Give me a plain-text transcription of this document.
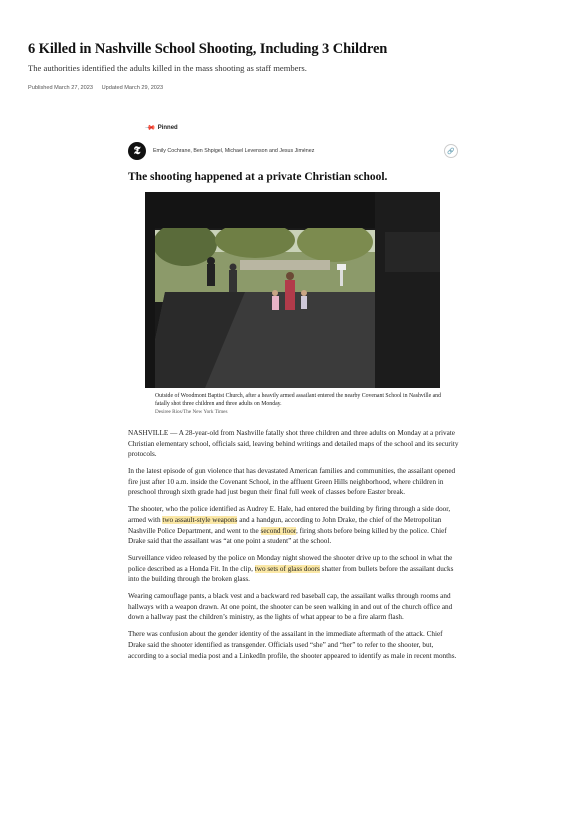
6 Killed in Nashville School Shooting, Including 3 Children
The authorities identified the adults killed in the mass shooting as staff members.
Published March 27, 2023 Updated March 29, 2023
📌 Pinned
𝕿	Emily Cochrane, Ben Shpigel, Michael Levenson and Jesus Jiménez	🔗
The shooting happened at a private Christian school.
Outside of Woodmont Baptist Church, after a heavily armed assailant entered the nearby Covenant School in Nashville and fatally shot three children and three adults on Monday.
Desiree Rios/The New York Times

NASHVILLE — A 28-year-old from Nashville fatally shot three children and three adults on Monday at a private Christian elementary school, officials said, leaving behind writings and detailed maps of the school and its security protocols.

In the latest episode of gun violence that has devastated American families and communities, the assailant opened fire just after 10 a.m. inside the Covenant School, in the affluent Green Hills neighborhood, where children in preschool through sixth grade had just begun their final full week of classes before Easter break.

The shooter, who the police identified as Audrey E. Hale, had entered the building by firing through a side door, armed with two assault-style weapons and a handgun, according to John Drake, the chief of the Metropolitan Nashville Police Department, and went to the second floor, firing shots before being killed by the police. Chief Drake said that the assailant was “at one point a student” at the school.

Surveillance video released by the police on Monday night showed the shooter drive up to the school in what the police described as a Honda Fit. In the clip, two sets of glass doors shatter from bullets before the assailant ducks into the building through the broken glass.

Wearing camouflage pants, a black vest and a backward red baseball cap, the assailant walks through rooms and hallways with a weapon drawn. At one point, the shooter can be seen walking in and out of the church office and down a hallway past the children’s ministry, as the lights of what appear to be a fire alarm flash.

There was confusion about the gender identity of the assailant in the immediate aftermath of the attack. Chief Drake said the shooter identified as transgender. Officials used “she” and “her” to refer to the shooter, but, according to a social media post and a LinkedIn profile, the shooter appeared to identify as male in recent months.
